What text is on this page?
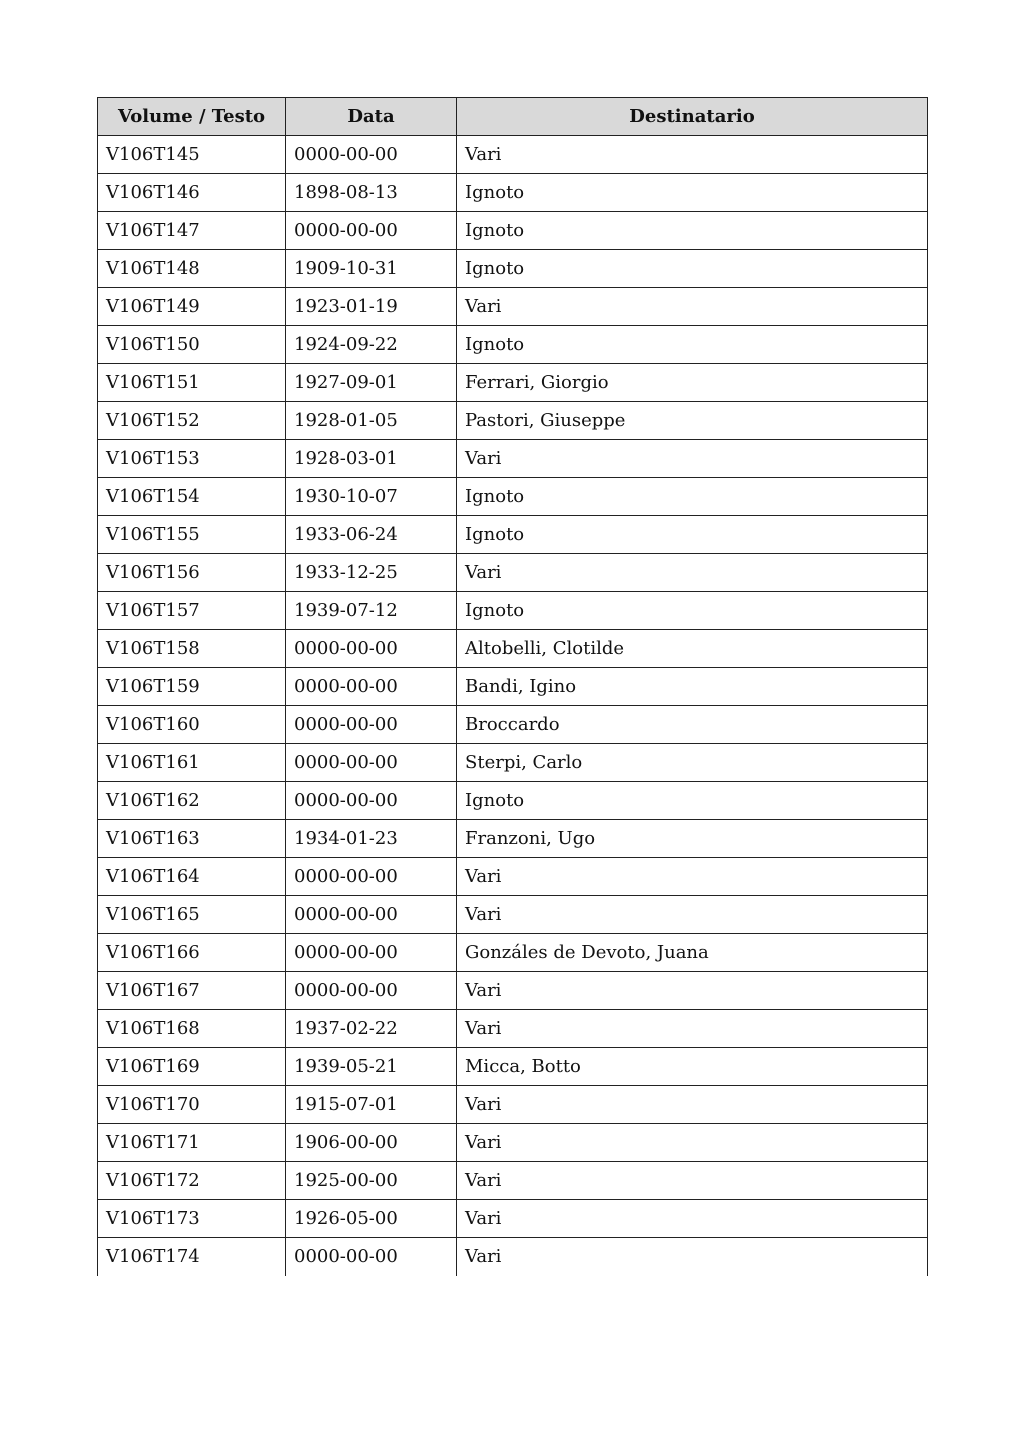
Volume / Testo	Data	Destinatario
V106T145	0000-00-00	Vari
V106T146	1898-08-13	Ignoto
V106T147	0000-00-00	Ignoto
V106T148	1909-10-31	Ignoto
V106T149	1923-01-19	Vari
V106T150	1924-09-22	Ignoto
V106T151	1927-09-01	Ferrari, Giorgio
V106T152	1928-01-05	Pastori, Giuseppe
V106T153	1928-03-01	Vari
V106T154	1930-10-07	Ignoto
V106T155	1933-06-24	Ignoto
V106T156	1933-12-25	Vari
V106T157	1939-07-12	Ignoto
V106T158	0000-00-00	Altobelli, Clotilde
V106T159	0000-00-00	Bandi, Igino
V106T160	0000-00-00	Broccardo
V106T161	0000-00-00	Sterpi, Carlo
V106T162	0000-00-00	Ignoto
V106T163	1934-01-23	Franzoni, Ugo
V106T164	0000-00-00	Vari
V106T165	0000-00-00	Vari
V106T166	0000-00-00	Gonzáles de Devoto, Juana
V106T167	0000-00-00	Vari
V106T168	1937-02-22	Vari
V106T169	1939-05-21	Micca, Botto
V106T170	1915-07-01	Vari
V106T171	1906-00-00	Vari
V106T172	1925-00-00	Vari
V106T173	1926-05-00	Vari
V106T174	0000-00-00	Vari
